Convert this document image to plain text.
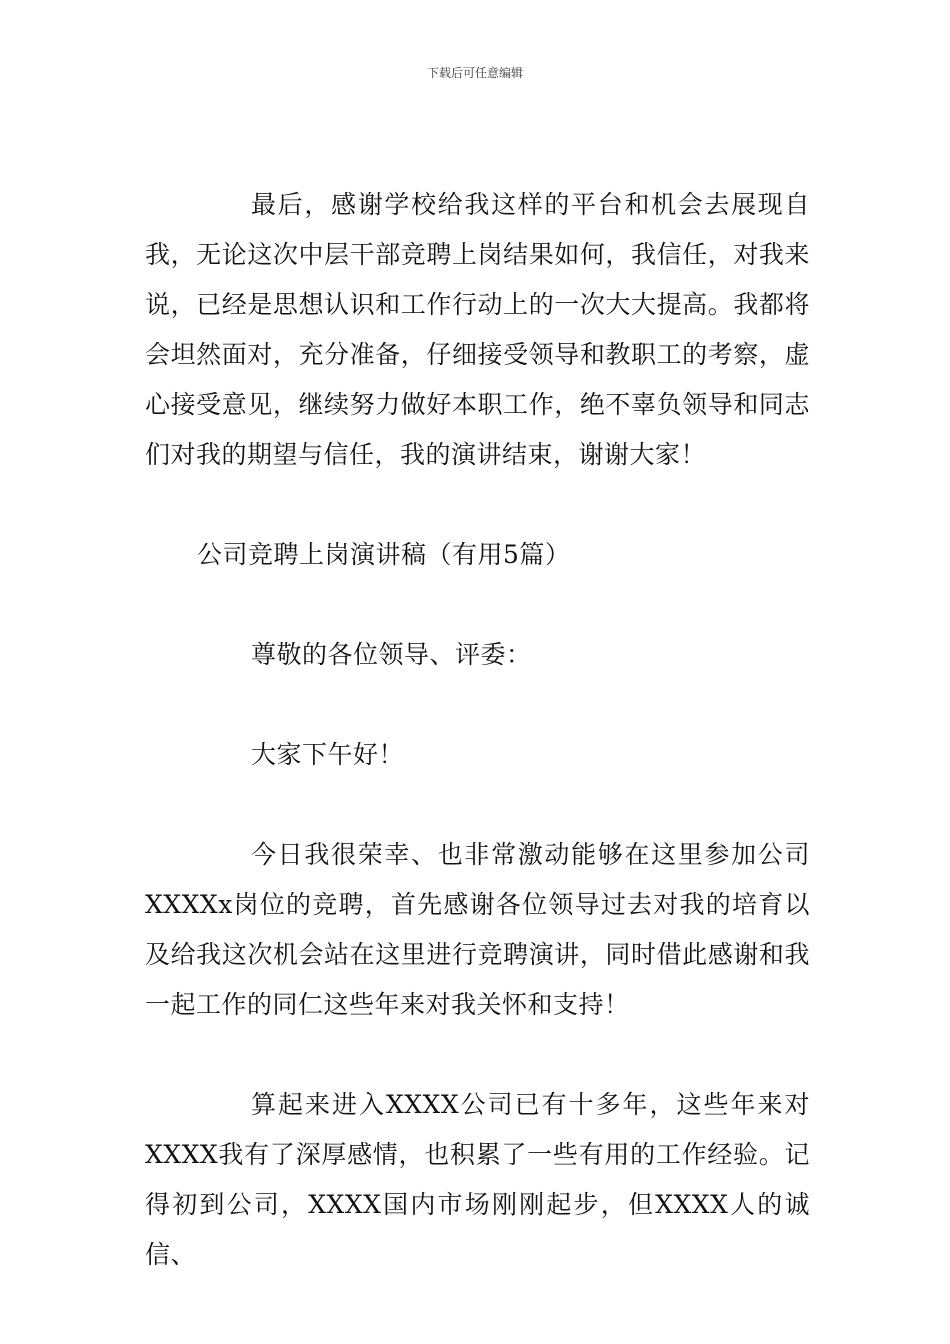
下载后可任意编辑

最后，感谢学校给我这样的平台和机会去展现自我，无论这次中层干部竞聘上岗结果如何，我信任，对我来说，已经是思想认识和工作行动上的一次大大提高。我都将会坦然面对，充分准备，仔细接受领导和教职工的考察，虚心接受意见，继续努力做好本职工作，绝不辜负领导和同志们对我的期望与信任，我的演讲结束，谢谢大家！

公司竞聘上岗演讲稿（有用5篇）

尊敬的各位领导、评委：

大家下午好！

今日我很荣幸、也非常激动能够在这里参加公司XXXXx岗位的竞聘，首先感谢各位领导过去对我的培育以及给我这次机会站在这里进行竞聘演讲，同时借此感谢和我一起工作的同仁这些年来对我关怀和支持！

算起来进入XXXX公司已有十多年，这些年来对XXXX我有了深厚感情，也积累了一些有用的工作经验。记得初到公司，XXXX国内市场刚刚起步，但XXXX人的诚信、
